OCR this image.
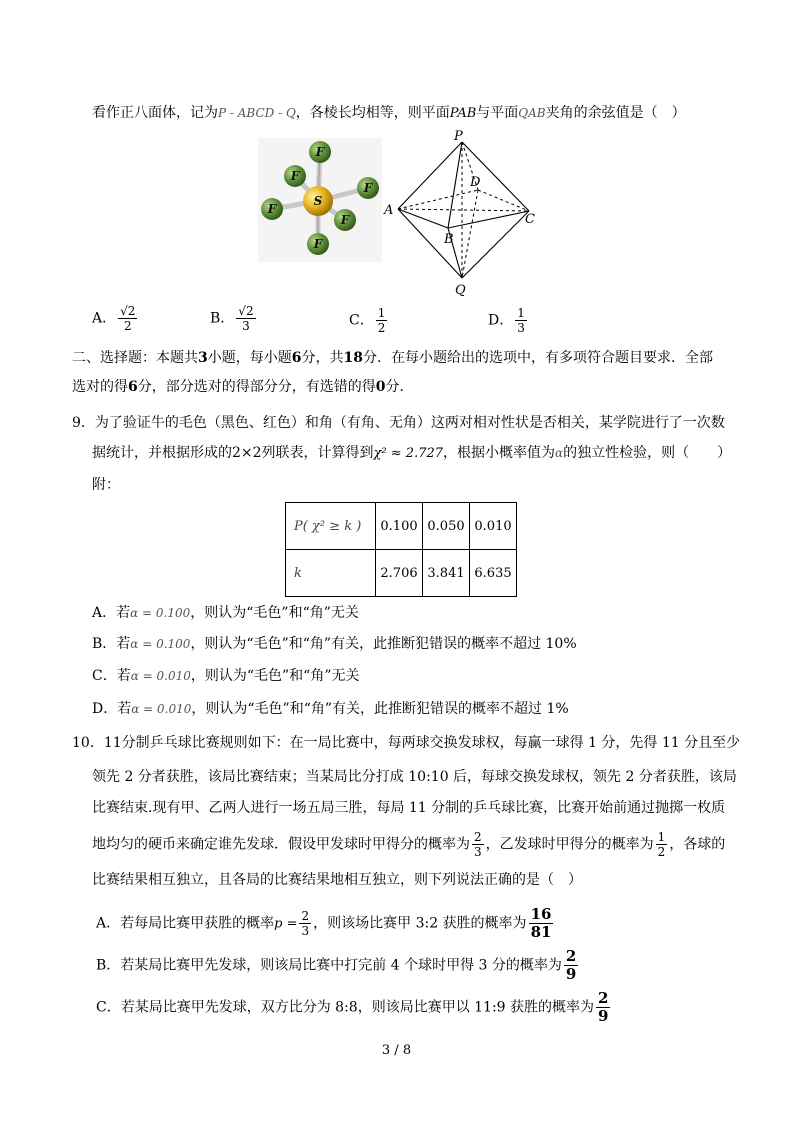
看作正八面体，记为P - ABCD - Q，各棱长均相等，则平面PAB与平面QAB夹角的余弦值是（　）
F
F
F
S
F
F
F
P
D
A
C
B
Q
A． $\frac{√2}{2}$	B． $\frac{√2}{3}$	C． $\frac{1}{2}$	D． $\frac{1}{3}$
二、选择题：本题共3小题，每小题6分，共18分．在每小题给出的选项中，有多项符合题目要求．全部
选对的得6分，部分选对的得部分分，有选错的得0分．
9．为了验证牛的毛色（黑色、红色）和角（有角、无角）这两对相对性状是否相关，某学院进行了一次数
据统计，并根据形成的2×2列联表，计算得到χ² ≈ 2.727，根据小概率值为α的独立性检验，则（　　）
附：
P( χ² ≥ k )	0.100	0.050	0.010
k	2.706	3.841	6.635
A．若α = 0.100，则认为“毛色”和“角”无关
B．若α = 0.100，则认为“毛色”和“角”有关，此推断犯错误的概率不超过 10%
C．若α = 0.010，则认为“毛色”和“角”无关
D．若α = 0.010，则认为“毛色”和“角”有关，此推断犯错误的概率不超过 1%
10．11分制乒乓球比赛规则如下：在一局比赛中，每两球交换发球权，每赢一球得 1 分，先得 11 分且至少
领先 2 分者获胜，该局比赛结束；当某局比分打成 10:10 后，每球交换发球权，领先 2 分者获胜，该局
比赛结束.现有甲、乙两人进行一场五局三胜，每局 11 分制的乒乓球比赛，比赛开始前通过抛掷一枚质
地均匀的硬币来确定谁先发球．假设甲发球时甲得分的概率为 $\frac{2}{3}$ ，乙发球时甲得分的概率为 $\frac{1}{2}$ ，各球的
比赛结果相互独立，且各局的比赛结果地相互独立，则下列说法正确的是（　）
A．若每局比赛甲获胜的概率$p = \frac{2}{3}$ ，则该场比赛甲 3:2 获胜的概率为 $\frac{16}{81}$
B．若某局比赛甲先发球，则该局比赛中打完前 4 个球时甲得 3 分的概率为 $\frac{2}{9}$
C．若某局比赛甲先发球，双方比分为 8:8，则该局比赛甲以 11:9 获胜的概率为 $\frac{2}{9}$
3 / 8
